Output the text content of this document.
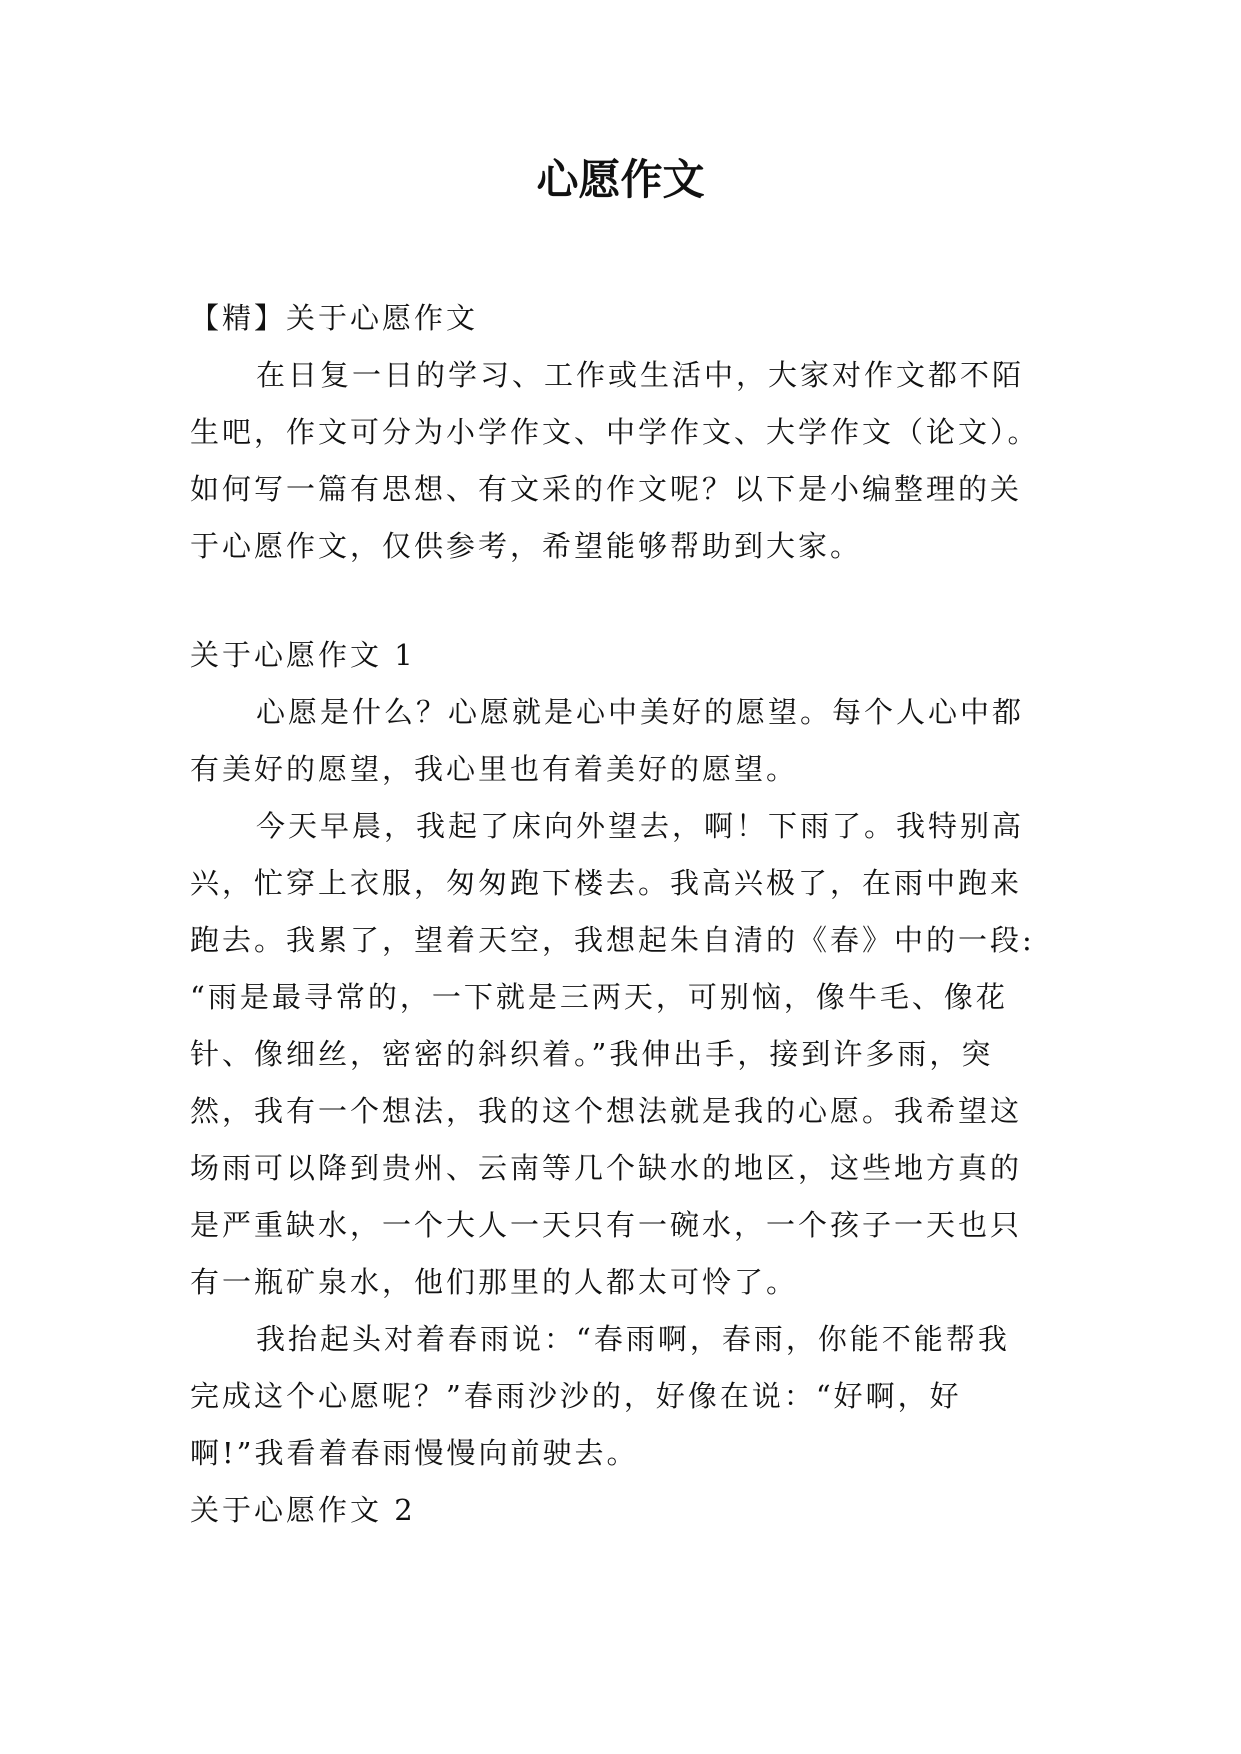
心愿作文
【精】关于心愿作文
在日复一日的学习、工作或生活中，大家对作文都不陌
生吧，作文可分为小学作文、中学作文、大学作文（论文）。
如何写一篇有思想、有文采的作文呢？以下是小编整理的关
于心愿作文，仅供参考，希望能够帮助到大家。
关于心愿作文 1
心愿是什么？心愿就是心中美好的愿望。每个人心中都
有美好的愿望，我心里也有着美好的愿望。
今天早晨，我起了床向外望去，啊！下雨了。我特别高
兴，忙穿上衣服，匆匆跑下楼去。我高兴极了，在雨中跑来
跑去。我累了，望着天空，我想起朱自清的《春》中的一段:
“雨是最寻常的，一下就是三两天，可别恼，像牛毛、像花
针、像细丝，密密的斜织着。”我伸出手，接到许多雨，突
然，我有一个想法，我的这个想法就是我的心愿。我希望这
场雨可以降到贵州、云南等几个缺水的地区，这些地方真的
是严重缺水，一个大人一天只有一碗水，一个孩子一天也只
有一瓶矿泉水，他们那里的人都太可怜了。
我抬起头对着春雨说：“春雨啊，春雨，你能不能帮我
完成这个心愿呢？”春雨沙沙的，好像在说：“好啊，好
啊!”我看着春雨慢慢向前驶去。
关于心愿作文 2
